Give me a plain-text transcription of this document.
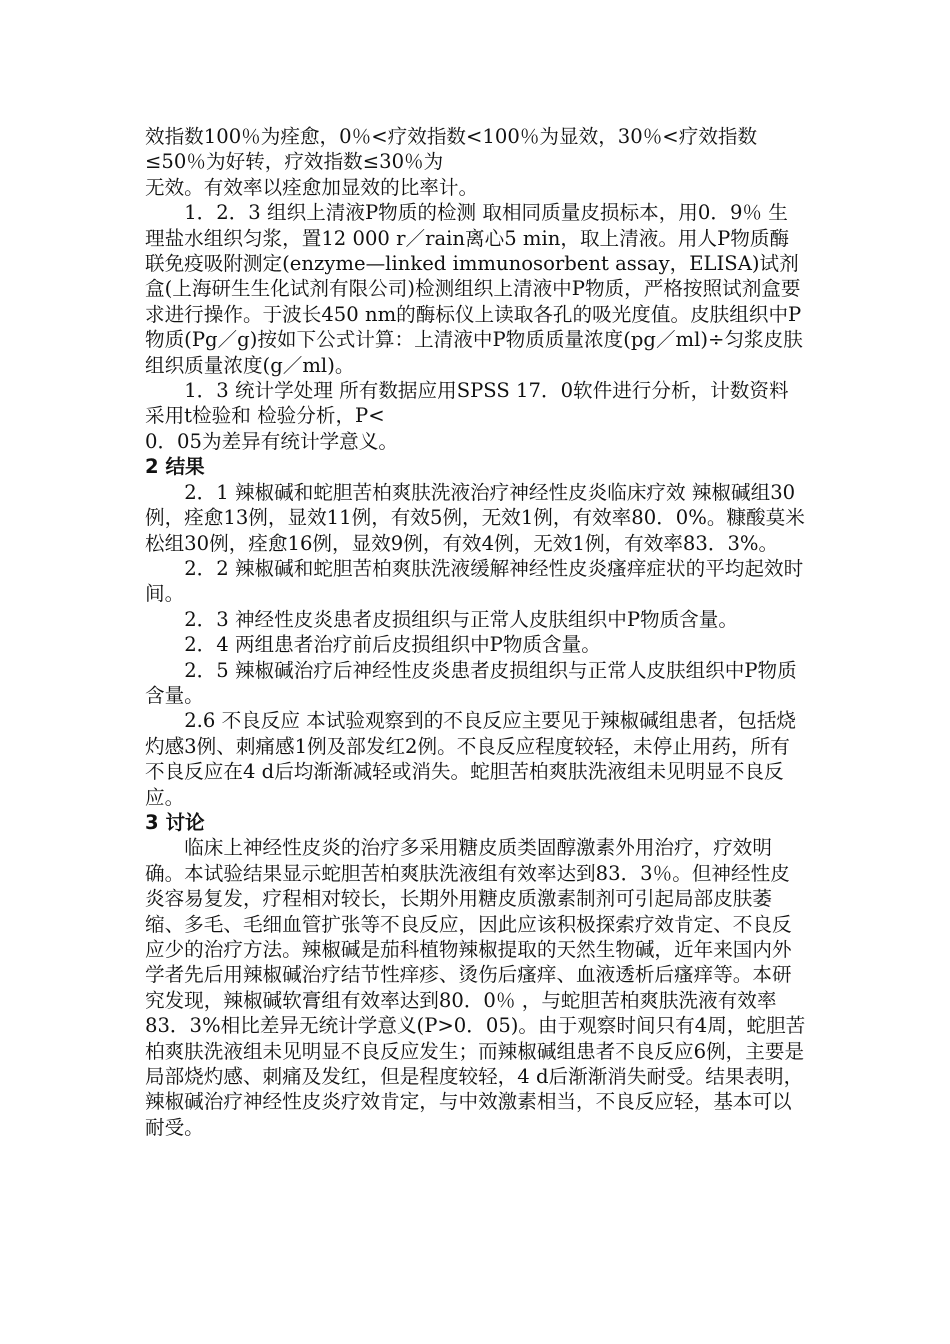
效指数100％为痊愈，0％<疗效指数<100％为显效，30％<疗效指数≤50％为好转，疗效指数≤30％为

无效。有效率以痊愈加显效的比率计。

1．2．3 组织上清液P物质的检测 取相同质量皮损标本，用0．9％ 生理盐水组织匀浆，置12 000 r／rain离心5 min，取上清液。用人P物质酶联免疫吸附测定(enzyme—linked immunosorbent assay，ELISA)试剂盒(上海研生生化试剂有限公司)检测组织上清液中P物质，严格按照试剂盒要求进行操作。于波长450 nm的酶标仪上读取各孔的吸光度值。皮肤组织中P物质(Pg／g)按如下公式计算：上清液中P物质质量浓度(pg／ml)÷匀浆皮肤组织质量浓度(g／ml)。

1．3 统计学处理 所有数据应用SPSS 17．0软件进行分析，计数资料采用t检验和 检验分析，P<

0．05为差异有统计学意义。

2 结果

2．1 辣椒碱和蛇胆苦柏爽肤洗液治疗神经性皮炎临床疗效 辣椒碱组30例，痊愈13例，显效11例，有效5例，无效1例，有效率80．0%。糠酸莫米松组30例，痊愈16例，显效9例，有效4例，无效1例，有效率83．3%。

2．2 辣椒碱和蛇胆苦柏爽肤洗液缓解神经性皮炎瘙痒症状的平均起效时间。

2．3 神经性皮炎患者皮损组织与正常人皮肤组织中P物质含量。

2．4 两组患者治疗前后皮损组织中P物质含量。

2．5 辣椒碱治疗后神经性皮炎患者皮损组织与正常人皮肤组织中P物质含量。

2.6 不良反应 本试验观察到的不良反应主要见于辣椒碱组患者，包括烧灼感3例、刺痛感1例及部发红2例。不良反应程度较轻，未停止用药，所有不良反应在4 d后均渐渐减轻或消失。蛇胆苦柏爽肤洗液组未见明显不良反应。

3 讨论

临床上神经性皮炎的治疗多采用糖皮质类固醇激素外用治疗，疗效明确。本试验结果显示蛇胆苦柏爽肤洗液组有效率达到83．3％。但神经性皮炎容易复发，疗程相对较长，长期外用糖皮质激素制剂可引起局部皮肤萎缩、多毛、毛细血管扩张等不良反应，因此应该积极探索疗效肯定、不良反应少的治疗方法。辣椒碱是茄科植物辣椒提取的天然生物碱，近年来国内外学者先后用辣椒碱治疗结节性痒疹、烫伤后瘙痒、血液透析后瘙痒等。本研究发现，辣椒碱软膏组有效率达到80．0％ ，与蛇胆苦柏爽肤洗液有效率83．3%相比差异无统计学意义(P>0．05)。由于观察时间只有4周，蛇胆苦柏爽肤洗液组未见明显不良反应发生；而辣椒碱组患者不良反应6例，主要是局部烧灼感、刺痛及发红，但是程度较轻，4 d后渐渐消失耐受。结果表明，辣椒碱治疗神经性皮炎疗效肯定，与中效激素相当，不良反应轻，基本可以耐受。
